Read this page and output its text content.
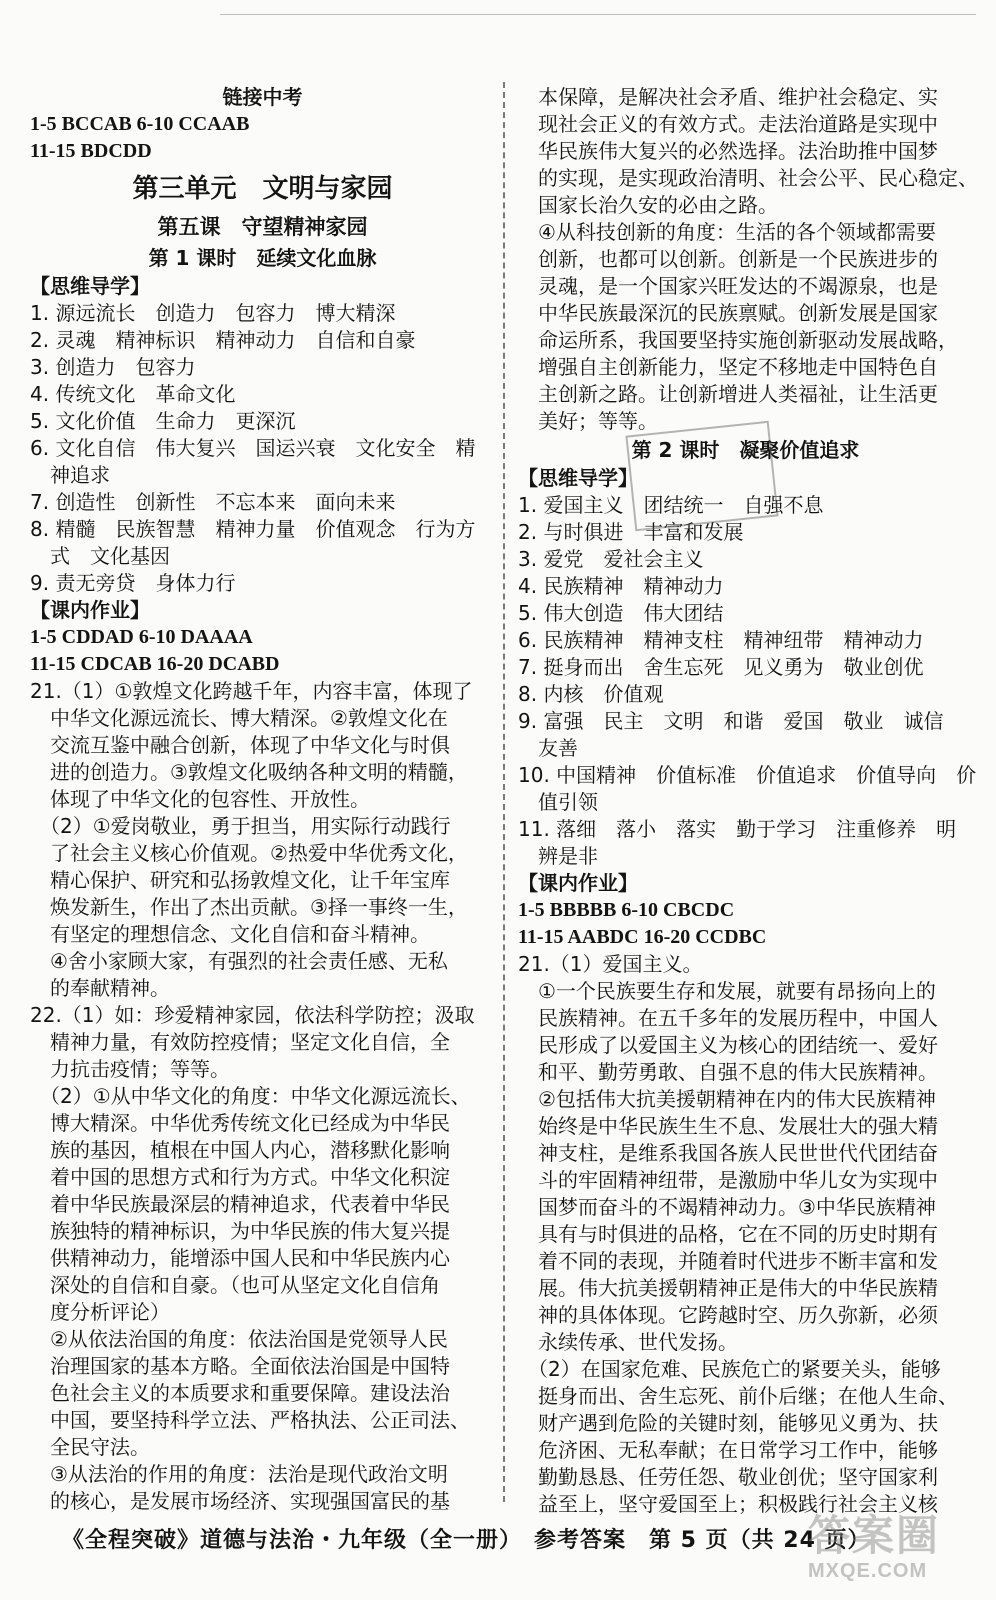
链接中考
1-5 BCCAB 6-10 CCAAB
11-15 BDCDD
第三单元　文明与家园
第五课　守望精神家园
第 1 课时　延续文化血脉
【思维导学】
1. 源远流长　创造力　包容力　博大精深
2. 灵魂　精神标识　精神动力　自信和自豪
3. 创造力　包容力
4. 传统文化　革命文化
5. 文化价值　生命力　更深沉
6. 文化自信　伟大复兴　国运兴衰　文化安全　精
　神追求
7. 创造性　创新性　不忘本来　面向未来
8. 精髓　民族智慧　精神力量　价值观念　行为方
　式　文化基因
9. 责无旁贷　身体力行
【课内作业】
1-5 CDDAD 6-10 DAAAA
11-15 CDCAB 16-20 DCABD
21.（1）①敦煌文化跨越千年，内容丰富，体现了
　中华文化源远流长、博大精深。②敦煌文化在
　交流互鉴中融合创新，体现了中华文化与时俱
　进的创造力。③敦煌文化吸纳各种文明的精髓，
　体现了中华文化的包容性、开放性。
　（2）①爱岗敬业，勇于担当，用实际行动践行
　了社会主义核心价值观。②热爱中华优秀文化，
　精心保护、研究和弘扬敦煌文化，让千年宝库
　焕发新生，作出了杰出贡献。③择一事终一生，
　有坚定的理想信念、文化自信和奋斗精神。
　④舍小家顾大家，有强烈的社会责任感、无私
　的奉献精神。
22.（1）如：珍爱精神家园，依法科学防控；汲取
　精神力量，有效防控疫情；坚定文化自信，全
　力抗击疫情；等等。
　（2）①从中华文化的角度：中华文化源远流长、
　博大精深。中华优秀传统文化已经成为中华民
　族的基因，植根在中国人内心，潜移默化影响
　着中国的思想方式和行为方式。中华文化积淀
　着中华民族最深层的精神追求，代表着中华民
　族独特的精神标识，为中华民族的伟大复兴提
　供精神动力，能增添中国人民和中华民族内心
　深处的自信和自豪。（也可从坚定文化自信角
　度分析评论）
　②从依法治国的角度：依法治国是党领导人民
　治理国家的基本方略。全面依法治国是中国特
　色社会主义的本质要求和重要保障。建设法治
　中国，要坚持科学立法、严格执法、公正司法、
　全民守法。
　③从法治的作用的角度：法治是现代政治文明
　的核心，是发展市场经济、实现强国富民的基
　本保障，是解决社会矛盾、维护社会稳定、实
　现社会正义的有效方式。走法治道路是实现中
　华民族伟大复兴的必然选择。法治助推中国梦
　的实现，是实现政治清明、社会公平、民心稳定、
　国家长治久安的必由之路。
　④从科技创新的角度：生活的各个领域都需要
　创新，也都可以创新。创新是一个民族进步的
　灵魂，是一个国家兴旺发达的不竭源泉，也是
　中华民族最深沉的民族禀赋。创新发展是国家
　命运所系，我国要坚持实施创新驱动发展战略，
　增强自主创新能力，坚定不移地走中国特色自
　主创新之路。让创新增进人类福祉，让生活更
　美好；等等。
第 2 课时　凝聚价值追求
【思维导学】
1. 爱国主义　团结统一　自强不息
2. 与时俱进　丰富和发展
3. 爱党　爱社会主义
4. 民族精神　精神动力
5. 伟大创造　伟大团结
6. 民族精神　精神支柱　精神纽带　精神动力
7. 挺身而出　舍生忘死　见义勇为　敬业创优
8. 内核　价值观
9. 富强　民主　文明　和谐　爱国　敬业　诚信
　友善
10. 中国精神　价值标准　价值追求　价值导向　价
　值引领
11. 落细　落小　落实　勤于学习　注重修养　明
　辨是非
【课内作业】
1-5 BBBBB 6-10 CBCDC
11-15 AABDC 16-20 CCDBC
21.（1）爱国主义。
　①一个民族要生存和发展，就要有昂扬向上的
　民族精神。在五千多年的发展历程中，中国人
　民形成了以爱国主义为核心的团结统一、爱好
　和平、勤劳勇敢、自强不息的伟大民族精神。
　②包括伟大抗美援朝精神在内的伟大民族精神
　始终是中华民族生生不息、发展壮大的强大精
　神支柱，是维系我国各族人民世世代代团结奋
　斗的牢固精神纽带，是激励中华儿女为实现中
　国梦而奋斗的不竭精神动力。③中华民族精神
　具有与时俱进的品格，它在不同的历史时期有
　着不同的表现，并随着时代进步不断丰富和发
　展。伟大抗美援朝精神正是伟大的中华民族精
　神的具体体现。它跨越时空、历久弥新，必须
　永续传承、世代发扬。
　（2）在国家危难、民族危亡的紧要关头，能够
　挺身而出、舍生忘死、前仆后继；在他人生命、
　财产遇到危险的关键时刻，能够见义勇为、扶
　危济困、无私奉献；在日常学习工作中，能够
　勤勤恳恳、任劳任怨、敬业创优；坚守国家利
　益至上，坚守爱国至上；积极践行社会主义核
《全程突破》道德与法治・九年级（全一册）　参考答案　第 5 页（共 24 页）
答案圈
MXQE.COM
